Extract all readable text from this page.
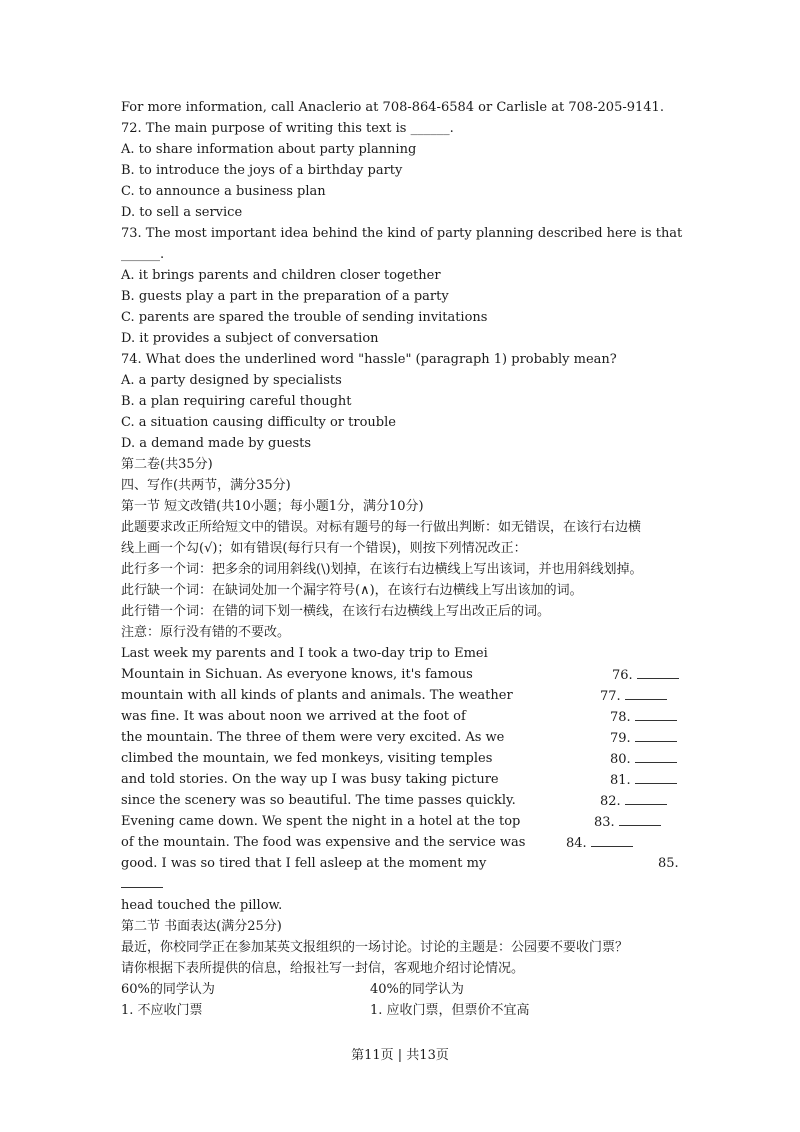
For more information, call Anaclerio at 708-864-6584 or Carlisle at 708-205-9141.
72. The main purpose of writing this text is ______.
A. to share information about party planning
B. to introduce the joys of a birthday party
C. to announce a business plan
D. to sell a service
73. The most important idea behind the kind of party planning described here is that
______.
A. it brings parents and children closer together
B. guests play a part in the preparation of a party
C. parents are spared the trouble of sending invitations
D. it provides a subject of conversation
74. What does the underlined word "hassle" (paragraph 1) probably mean?
A. a party designed by specialists
B. a plan requiring careful thought
C. a situation causing difficulty or trouble
D. a demand made by guests
第二卷(共35分)
四、写作(共两节，满分35分)
第一节 短文改错(共10小题；每小题1分，满分10分)
此题要求改正所给短文中的错误。对标有题号的每一行做出判断：如无错误，在该行右边横
线上画一个勾(√)；如有错误(每行只有一个错误)，则按下列情况改正：
此行多一个词：把多余的词用斜线(\)划掉，在该行右边横线上写出该词，并也用斜线划掉。
此行缺一个词：在缺词处加一个漏字符号(∧)，在该行右边横线上写出该加的词。
此行错一个词：在错的词下划一横线，在该行右边横线上写出改正后的词。
注意：原行没有错的不要改。
Last week my parents and I took a two-day trip to Emei
Mountain in Sichuan. As everyone knows, it's famous	76.
mountain with all kinds of plants and animals. The weather	77.
was fine. It was about noon we arrived at the foot of	78.
the mountain. The three of them were very excited. As we	79.
climbed the mountain, we fed monkeys, visiting temples	80.
and told stories. On the way up I was busy taking picture	81.
since the scenery was so beautiful. The time passes quickly.	82.
Evening came down. We spent the night in a hotel at the top	83.
of the mountain. The food was expensive and the service was	84.
good. I was so tired that I fell asleep at the moment my	85.
head touched the pillow.
第二节 书面表达(满分25分)
最近，你校同学正在参加某英文报组织的一场讨论。讨论的主题是：公园要不要收门票？
请你根据下表所提供的信息，给报社写一封信，客观地介绍讨论情况。
60%的同学认为	40%的同学认为
1. 不应收门票	1. 应收门票，但票价不宜高
第11页 | 共13页
